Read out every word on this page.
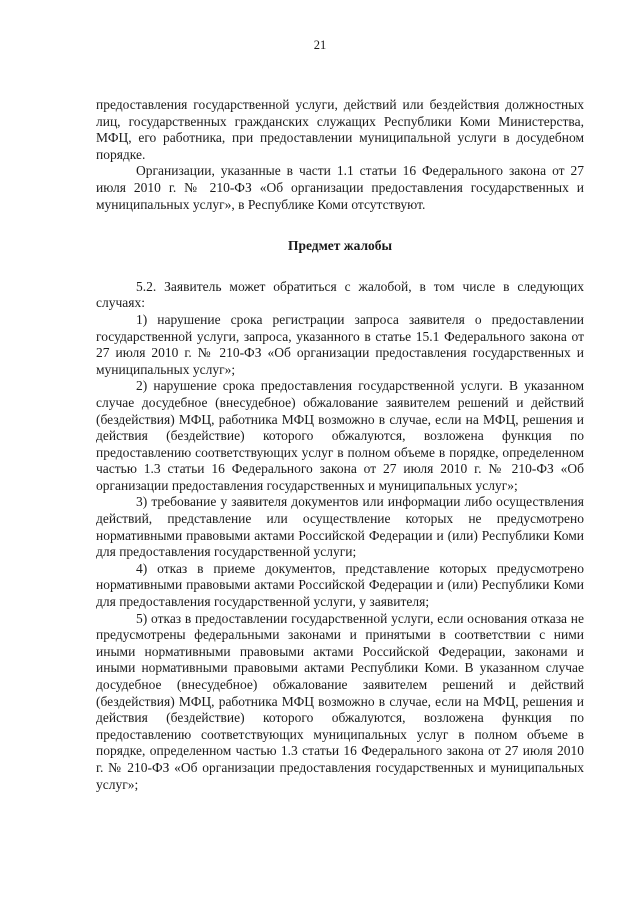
21

предоставления государственной услуги, действий или бездействия должностных лиц, государственных гражданских служащих Республики Коми Министерства, МФЦ, его работника, при предоставлении муниципальной услуги в досудебном порядке.

Организации, указанные в части 1.1 статьи 16 Федерального закона от 27 июля 2010 г. № 210-ФЗ «Об организации предоставления государственных и муниципальных услуг», в Республике Коми отсутствуют.

Предмет жалобы

5.2. Заявитель может обратиться с жалобой, в том числе в следующих случаях:

1) нарушение срока регистрации запроса заявителя о предоставлении государственной услуги, запроса, указанного в статье 15.1 Федерального закона от 27 июля 2010 г. № 210-ФЗ «Об организации предоставления государственных и муниципальных услуг»;

2) нарушение срока предоставления государственной услуги. В указанном случае досудебное (внесудебное) обжалование заявителем решений и действий (бездействия) МФЦ, работника МФЦ возможно в случае, если на МФЦ, решения и действия (бездействие) которого обжалуются, возложена функция по предоставлению соответствующих услуг в полном объеме в порядке, определенном частью 1.3 статьи 16 Федерального закона от 27 июля 2010 г. № 210-ФЗ «Об организации предоставления государственных и муниципальных услуг»;

3) требование у заявителя документов или информации либо осуществления действий, представление или осуществление которых не предусмотрено нормативными правовыми актами Российской Федерации и (или) Республики Коми для предоставления государственной услуги;

4) отказ в приеме документов, представление которых предусмотрено нормативными правовыми актами Российской Федерации и (или) Республики Коми для предоставления государственной услуги, у заявителя;

5) отказ в предоставлении государственной услуги, если основания отказа не предусмотрены федеральными законами и принятыми в соответствии с ними иными нормативными правовыми актами Российской Федерации, законами и иными нормативными правовыми актами Республики Коми. В указанном случае досудебное (внесудебное) обжалование заявителем решений и действий (бездействия) МФЦ, работника МФЦ возможно в случае, если на МФЦ, решения и действия (бездействие) которого обжалуются, возложена функция по предоставлению соответствующих муниципальных услуг в полном объеме в порядке, определенном частью 1.3 статьи 16 Федерального закона от 27 июля 2010 г. № 210-ФЗ «Об организации предоставления государственных и муниципальных услуг»;
